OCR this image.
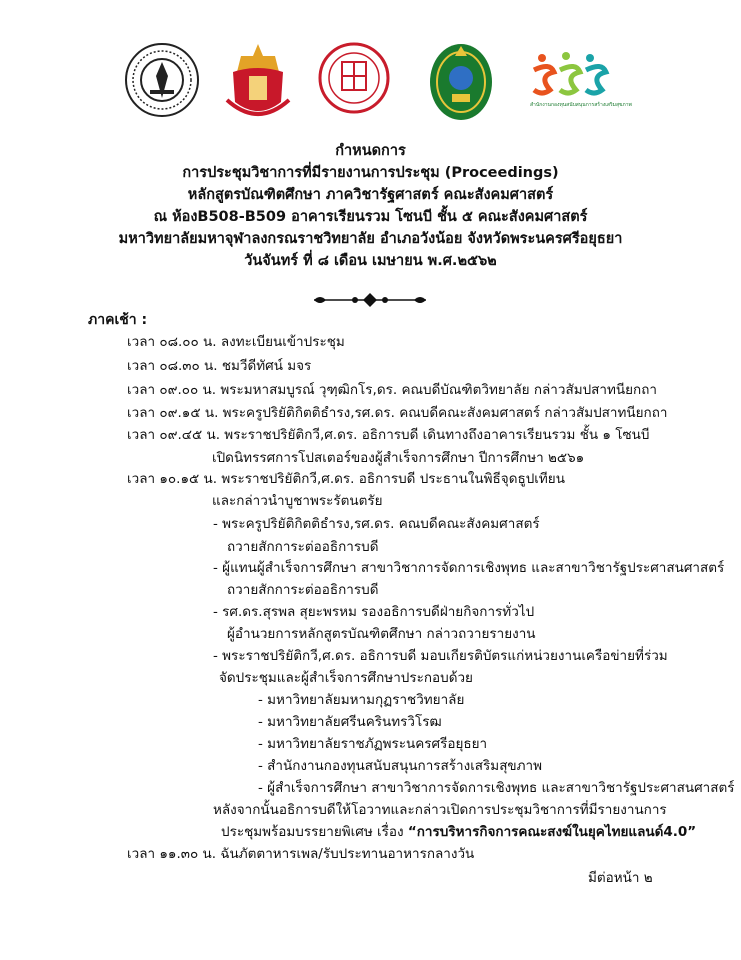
สำนักงานกองทุนสนับสนุนการสร้างเสริมสุขภาพ
กำหนดการ
การประชุมวิชาการที่มีรายงานการประชุม (Proceedings)
หลักสูตรบัณฑิตศึกษา ภาควิชารัฐศาสตร์ คณะสังคมศาสตร์
ณ ห้องB508-B509 อาคารเรียนรวม โซนบี ชั้น ๕ คณะสังคมศาสตร์
มหาวิทยาลัยมหาจุฬาลงกรณราชวิทยาลัย อำเภอวังน้อย จังหวัดพระนครศรีอยุธยา
วันจันทร์ ที่ ๘ เดือน เมษายน พ.ศ.๒๕๖๒
ภาคเช้า :
เวลา ๐๘.๐๐ น. ลงทะเบียนเข้าประชุม
เวลา ๐๘.๓๐ น. ชมวีดีทัศน์ มจร
เวลา ๐๙.๐๐ น. พระมหาสมบูรณ์ วุฑฺฒิกโร,ดร. คณบดีบัณฑิตวิทยาลัย กล่าวสัมปสาทนียกถา
เวลา ๐๙.๑๕ น. พระครูปริยัติกิตติธำรง,รศ.ดร. คณบดีคณะสังคมศาสตร์ กล่าวสัมปสาทนียกถา
เวลา ๐๙.๔๕ น. พระราชปริยัติกวี,ศ.ดร. อธิการบดี เดินทางถึงอาคารเรียนรวม ชั้น ๑ โซนบี
เปิดนิทรรศการโปสเตอร์ของผู้สำเร็จการศึกษา ปีการศึกษา ๒๕๖๑
เวลา ๑๐.๑๕ น. พระราชปริยัติกวี,ศ.ดร. อธิการบดี ประธานในพิธีจุดธูปเทียน
และกล่าวนำบูชาพระรัตนตรัย
- พระครูปริยัติกิตติธำรง,รศ.ดร. คณบดีคณะสังคมศาสตร์
ถวายสักการะต่ออธิการบดี
- ผู้แทนผู้สำเร็จการศึกษา สาขาวิชาการจัดการเชิงพุทธ และสาขาวิชารัฐประศาสนศาสตร์
ถวายสักการะต่ออธิการบดี
- รศ.ดร.สุรพล สุยะพรหม รองอธิการบดีฝ่ายกิจการทั่วไป
ผู้อำนวยการหลักสูตรบัณฑิตศึกษา กล่าวถวายรายงาน
- พระราชปริยัติกวี,ศ.ดร. อธิการบดี มอบเกียรติบัตรแก่หน่วยงานเครือข่ายที่ร่วม
จัดประชุมและผู้สำเร็จการศึกษาประกอบด้วย
- มหาวิทยาลัยมหามกุฏราชวิทยาลัย
- มหาวิทยาลัยศรีนครินทรวิโรฒ
- มหาวิทยาลัยราชภัฏพระนครศรีอยุธยา
- สำนักงานกองทุนสนับสนุนการสร้างเสริมสุขภาพ
- ผู้สำเร็จการศึกษา สาขาวิชาการจัดการเชิงพุทธ และสาขาวิชารัฐประศาสนศาสตร์
หลังจากนั้นอธิการบดีให้โอวาทและกล่าวเปิดการประชุมวิชาการที่มีรายงานการ
ประชุมพร้อมบรรยายพิเศษ เรื่อง “การบริหารกิจการคณะสงฆ์ในยุคไทยแลนด์4.0”
เวลา ๑๑.๓๐ น. ฉันภัตตาหารเพล/รับประทานอาหารกลางวัน
มีต่อหน้า ๒
